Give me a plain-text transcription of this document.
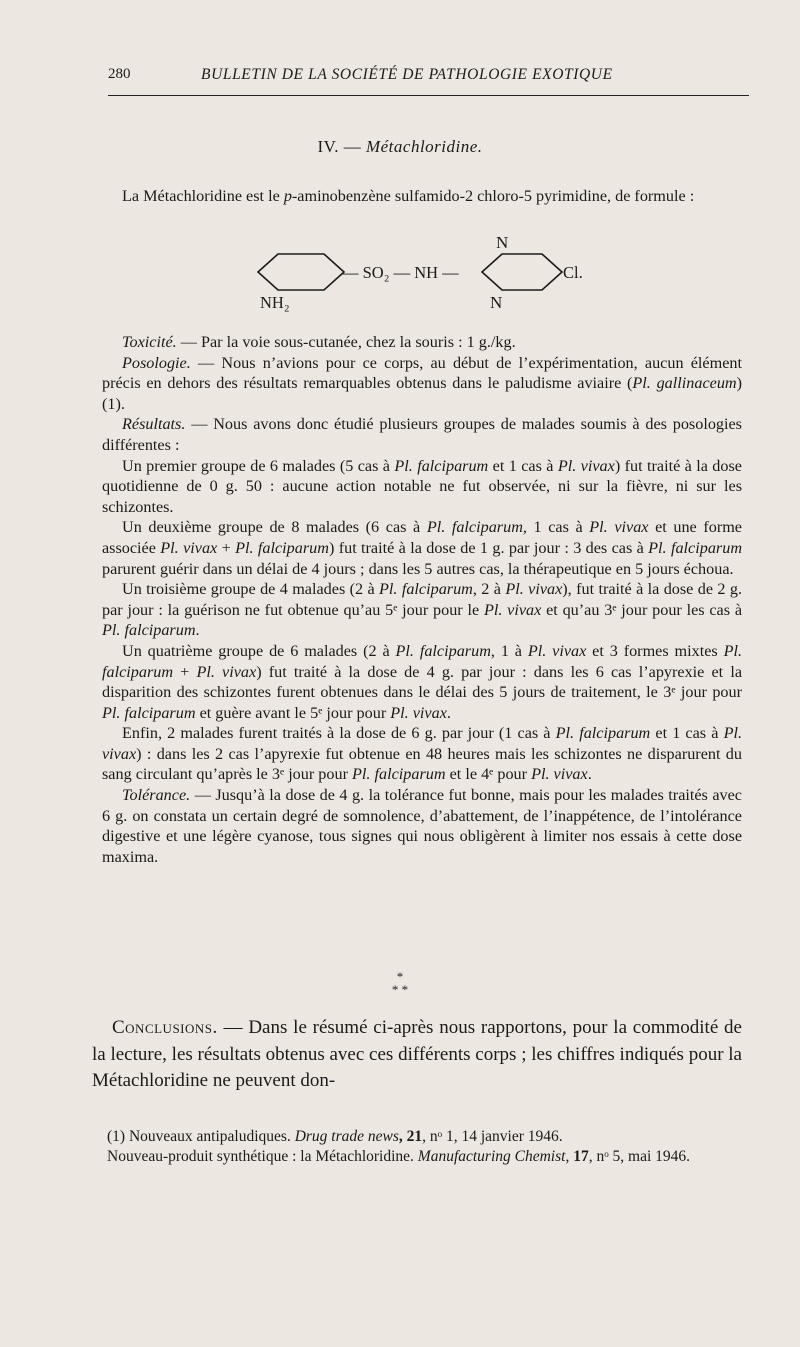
280	BULLETIN DE LA SOCIÉTÉ DE PATHOLOGIE EXOTIQUE
IV. — Métachloridine.

La Métachloridine est le p-aminobenzène sulfamido-2 chloro-5 pyrimidine, de formule :

— SO₂ — NH —	Cl.
N
N
NH₂

Toxicité. — Par la voie sous-cutanée, chez la souris : 1 g./kg.

Posologie. — Nous n’avions pour ce corps, au début de l’expérimentation, aucun élément précis en dehors des résultats remarquables obtenus dans le paludisme aviaire (Pl. gallinaceum) (1).

Résultats. — Nous avons donc étudié plusieurs groupes de malades soumis à des posologies différentes :

Un premier groupe de 6 malades (5 cas à Pl. falciparum et 1 cas à Pl. vivax) fut traité à la dose quotidienne de 0 g. 50 : aucune action notable ne fut observée, ni sur la fièvre, ni sur les schizontes.

Un deuxième groupe de 8 malades (6 cas à Pl. falciparum, 1 cas à Pl. vivax et une forme associée Pl. vivax + Pl. falciparum) fut traité à la dose de 1 g. par jour : 3 des cas à Pl. falciparum parurent guérir dans un délai de 4 jours ; dans les 5 autres cas, la thérapeutique en 5 jours échoua.

Un troisième groupe de 4 malades (2 à Pl. falciparum, 2 à Pl. vivax), fut traité à la dose de 2 g. par jour : la guérison ne fut obtenue qu’au 5ᵉ jour pour le Pl. vivax et qu’au 3ᵉ jour pour les cas à Pl. falciparum.

Un quatrième groupe de 6 malades (2 à Pl. falciparum, 1 à Pl. vivax et 3 formes mixtes Pl. falciparum + Pl. vivax) fut traité à la dose de 4 g. par jour : dans les 6 cas l’apyrexie et la disparition des schizontes furent obtenues dans le délai des 5 jours de traitement, le 3ᵉ jour pour Pl. falciparum et guère avant le 5ᵉ jour pour Pl. vivax.

Enfin, 2 malades furent traités à la dose de 6 g. par jour (1 cas à Pl. falciparum et 1 cas à Pl. vivax) : dans les 2 cas l’apyrexie fut obtenue en 48 heures mais les schizontes ne disparurent du sang circulant qu’après le 3ᵉ jour pour Pl. falciparum et le 4ᵉ pour Pl. vivax.

Tolérance. — Jusqu’à la dose de 4 g. la tolérance fut bonne, mais pour les malades traités avec 6 g. on constata un certain degré de somnolence, d’abattement, de l’inappétence, de l’intolérance digestive et une légère cyanose, tous signes qui nous obligèrent à limiter nos essais à cette dose maxima.

*
* *

Conclusions. — Dans le résumé ci-après nous rapportons, pour la commodité de la lecture, les résultats obtenus avec ces différents corps ; les chiffres indiqués pour la Métachloridine ne peuvent don-

(1) Nouveaux antipaludiques. Drug trade news, 21, nᵒ 1, 14 janvier 1946.

Nouveau-produit synthétique : la Métachloridine. Manufacturing Chemist, 17, nᵒ 5, mai 1946.
